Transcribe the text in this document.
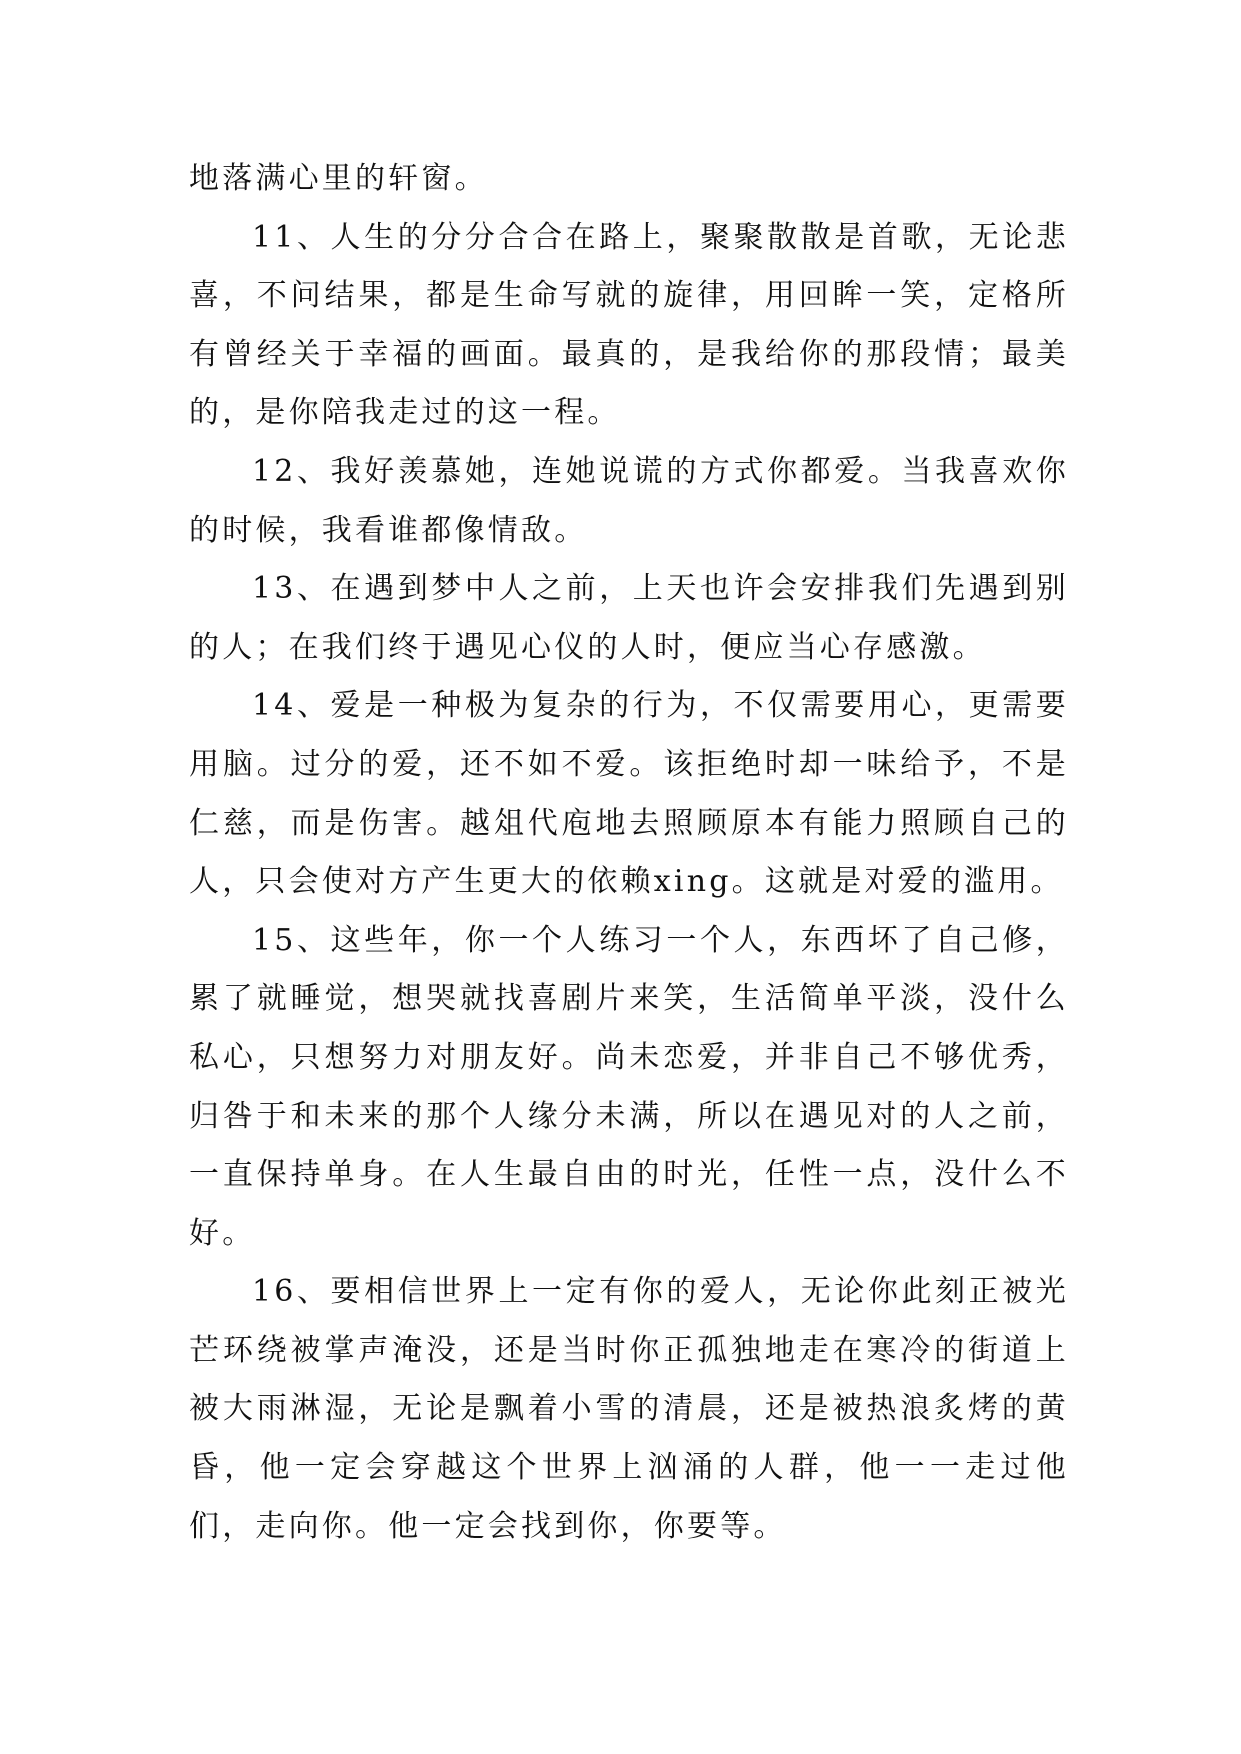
地落满心里的轩窗。

11、人生的分分合合在路上，聚聚散散是首歌，无论悲喜，不问结果，都是生命写就的旋律，用回眸一笑，定格所有曾经关于幸福的画面。最真的，是我给你的那段情；最美的，是你陪我走过的这一程。

12、我好羡慕她，连她说谎的方式你都爱。当我喜欢你的时候，我看谁都像情敌。

13、在遇到梦中人之前，上天也许会安排我们先遇到别的人；在我们终于遇见心仪的人时，便应当心存感激。

14、爱是一种极为复杂的行为，不仅需要用心，更需要用脑。过分的爱，还不如不爱。该拒绝时却一味给予，不是仁慈，而是伤害。越俎代庖地去照顾原本有能力照顾自己的人，只会使对方产生更大的依赖xing。这就是对爱的滥用。

15、这些年，你一个人练习一个人，东西坏了自己修，累了就睡觉，想哭就找喜剧片来笑，生活简单平淡，没什么私心，只想努力对朋友好。尚未恋爱，并非自己不够优秀，归咎于和未来的那个人缘分未满，所以在遇见对的人之前，一直保持单身。在人生最自由的时光，任性一点，没什么不好。

16、要相信世界上一定有你的爱人，无论你此刻正被光芒环绕被掌声淹没，还是当时你正孤独地走在寒冷的街道上被大雨淋湿，无论是飘着小雪的清晨，还是被热浪炙烤的黄昏，他一定会穿越这个世界上汹涌的人群，他一一走过他们，走向你。他一定会找到你，你要等。
